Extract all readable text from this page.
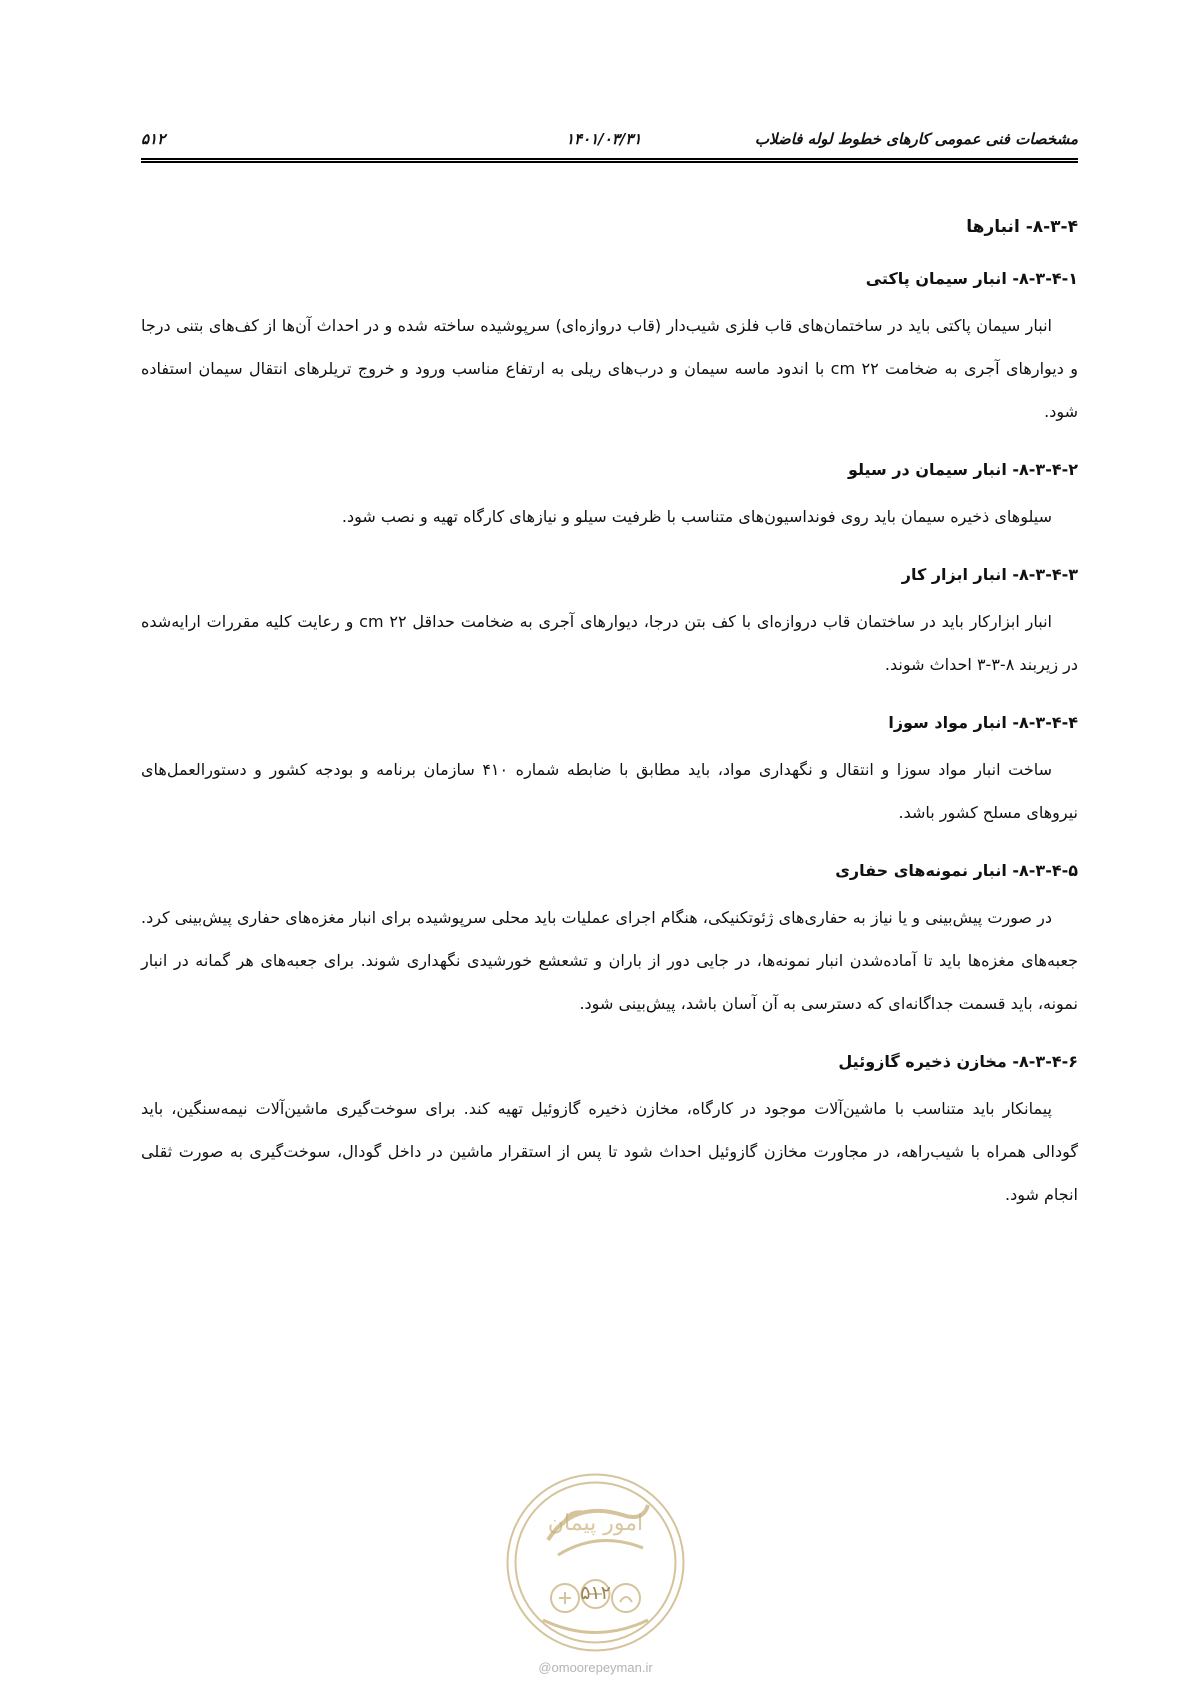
۵۱۲	۱۴۰۱/۰۳/۳۱	مشخصات فنی عمومی کارهای خطوط لوله فاضلاب
۸-۳-۴- انبارها
۸-۳-۴-۱- انبار سیمان پاکتی

انبار سیمان پاکتی باید در ساختمان‌های قاب فلزی شیب‌دار (قاب دروازه‌ای) سرپوشیده ساخته شده و در احداث آن‌ها از کف‌های بتنی درجا و دیوارهای آجری به ضخامت ۲۲ cm با اندود ماسه سیمان و درب‌های ریلی به ارتفاع مناسب ورود و خروج تریلرهای انتقال سیمان استفاده شود.

۸-۳-۴-۲- انبار سیمان در سیلو

سیلوهای ذخیره سیمان باید روی فونداسیون‌های متناسب با ظرفیت سیلو و نیازهای کارگاه تهیه و نصب شود.

۸-۳-۴-۳- انبار ابزار کار

انبار ابزارکار باید در ساختمان قاب دروازه‌ای با کف بتن درجا، دیوارهای آجری به ضخامت حداقل ۲۲ cm و رعایت کلیه مقررات ارایه‌شده در زیربند ۸-۳-۳ احداث شوند.

۸-۳-۴-۴- انبار مواد سوزا

ساخت انبار مواد سوزا و انتقال و نگهداری مواد، باید مطابق با ضابطه شماره ۴۱۰ سازمان برنامه و بودجه کشور و دستورالعمل‌های نیروهای مسلح کشور باشد.

۸-۳-۴-۵- انبار نمونه‌های حفاری

در صورت پیش‌بینی و یا نیاز به حفاری‌های ژئوتکنیکی، هنگام اجرای عملیات باید محلی سرپوشیده برای انبار مغزه‌های حفاری پیش‌بینی کرد. جعبه‌های مغزه‌ها باید تا آماده‌شدن انبار نمونه‌ها، در جایی دور از باران و تشعشع خورشیدی نگهداری شوند. برای جعبه‌های هر گمانه در انبار نمونه، باید قسمت جداگانه‌ای که دسترسی به آن آسان باشد، پیش‌بینی شود.

۸-۳-۴-۶- مخازن ذخیره گازوئیل

پیمانکار باید متناسب با ماشین‌آلات موجود در کارگاه، مخازن ذخیره گازوئیل تهیه کند. برای سوخت‌گیری ماشین‌آلات نیمه‌سنگین، باید گودالی همراه با شیب‌راهه، در مجاورت مخازن گازوئیل احداث شود تا پس از استقرار ماشین در داخل گودال، سوخت‌گیری به صورت ثقلی انجام شود.

امور پیمان
۵۱۲
@omoorepeyman.ir
